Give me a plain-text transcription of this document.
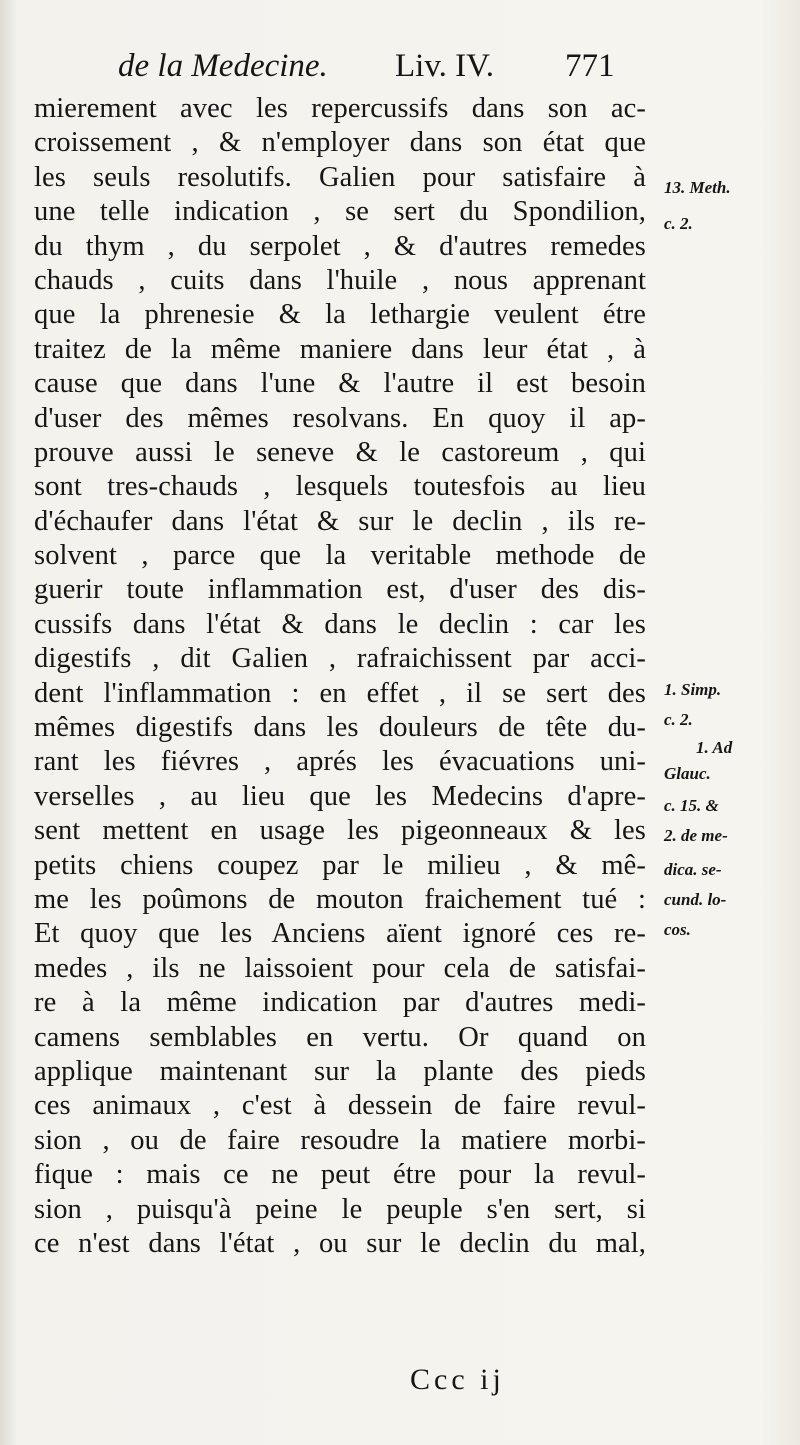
de la Medecine. Liv. IV. 771
mierement avec les repercussifs dans son ac-
croissement , & n'employer dans son état que
les seuls resolutifs. Galien pour satisfaire à
une telle indication , se sert du Spondilion,
du thym , du serpolet , & d'autres remedes
chauds , cuits dans l'huile , nous apprenant
que la phrenesie & la lethargie veulent étre
traitez de la même maniere dans leur état , à
cause que dans l'une & l'autre il est besoin
d'user des mêmes resolvans. En quoy il ap-
prouve aussi le seneve & le castoreum , qui
sont tres-chauds , lesquels toutesfois au lieu
d'échaufer dans l'état & sur le declin , ils re-
solvent , parce que la veritable methode de
guerir toute inflammation est, d'user des dis-
cussifs dans l'état & dans le declin : car les
digestifs , dit Galien , rafraichissent par acci-
dent l'inflammation : en effet , il se sert des
mêmes digestifs dans les douleurs de tête du-
rant les fiévres , aprés les évacuations uni-
verselles , au lieu que les Medecins d'apre-
sent mettent en usage les pigeonneaux & les
petits chiens coupez par le milieu , & mê-
me les poûmons de mouton fraichement tué :
Et quoy que les Anciens aïent ignoré ces re-
medes , ils ne laissoient pour cela de satisfai-
re à la même indication par d'autres medi-
camens semblables en vertu. Or quand on
applique maintenant sur la plante des pieds
ces animaux , c'est à dessein de faire revul-
sion , ou de faire resoudre la matiere morbi-
fique : mais ce ne peut étre pour la revul-
sion , puisqu'à peine le peuple s'en sert, si
ce n'est dans l'état , ou sur le declin du mal,
13. Meth.
c. 2.
1. Simp.
c. 2.
1. Ad
Glauc.
c. 15. &
2. de me-
dica. se-
cund. lo-
cos.
Ccc ij
